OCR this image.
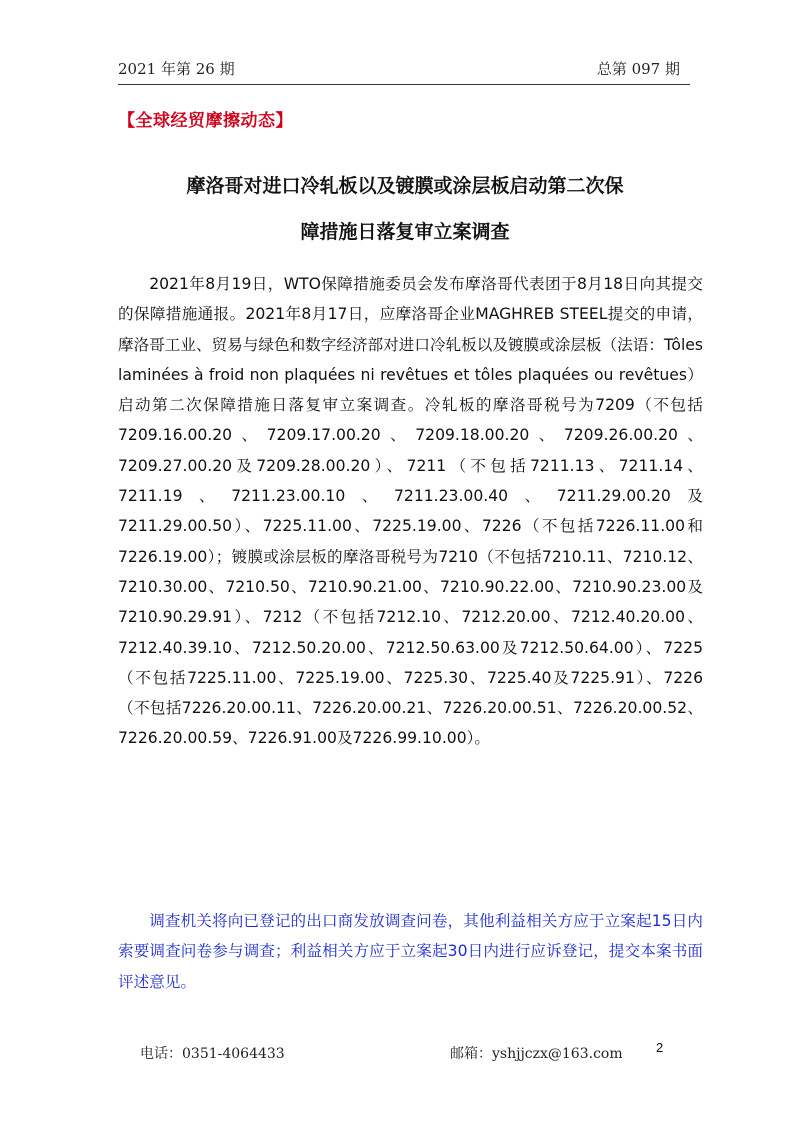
2021 年第 26 期	总第 097 期
【全球经贸摩擦动态】
摩洛哥对进口冷轧板以及镀膜或涂层板启动第二次保
障措施日落复审立案调查

2021年8月19日，WTO保障措施委员会发布摩洛哥代表团于8月18日向其提交的保障措施通报。2021年8月17日，应摩洛哥企业MAGHREB STEEL提交的申请，摩洛哥工业、贸易与绿色和数字经济部对进口冷轧板以及镀膜或涂层板（法语：Tôles laminées à froid non plaquées ni revêtues et tôles plaquées ou revêtues）启动第二次保障措施日落复审立案调查。冷轧板的摩洛哥税号为7209（不包括7209.16.00.20、7209.17.00.20、7209.18.00.20、7209.26.00.20、7209.27.00.20及7209.28.00.20）、7211（不包括7211.13、7211.14、7211.19、7211.23.00.10、7211.23.00.40、7211.29.00.20及7211.29.00.50）、7225.11.00、7225.19.00、7226（不包括7226.11.00和7226.19.00）；镀膜或涂层板的摩洛哥税号为7210（不包括7210.11、7210.12、7210.30.00、7210.50、7210.90.21.00、7210.90.22.00、7210.90.23.00及7210.90.29.91）、7212（不包括7212.10、7212.20.00、7212.40.20.00、7212.40.39.10、7212.50.20.00、7212.50.63.00及7212.50.64.00）、7225（不包括7225.11.00、7225.19.00、7225.30、7225.40及7225.91）、7226（不包括7226.20.00.11、7226.20.00.21、7226.20.00.51、7226.20.00.52、7226.20.00.59、7226.91.00及7226.99.10.00）。

调查机关将向已登记的出口商发放调查问卷，其他利益相关方应于立案起15日内索要调查问卷参与调查；利益相关方应于立案起30日内进行应诉登记，提交本案书面评述意见。

电话：0351-4064433	邮箱：yshjjczx@163.com	2
